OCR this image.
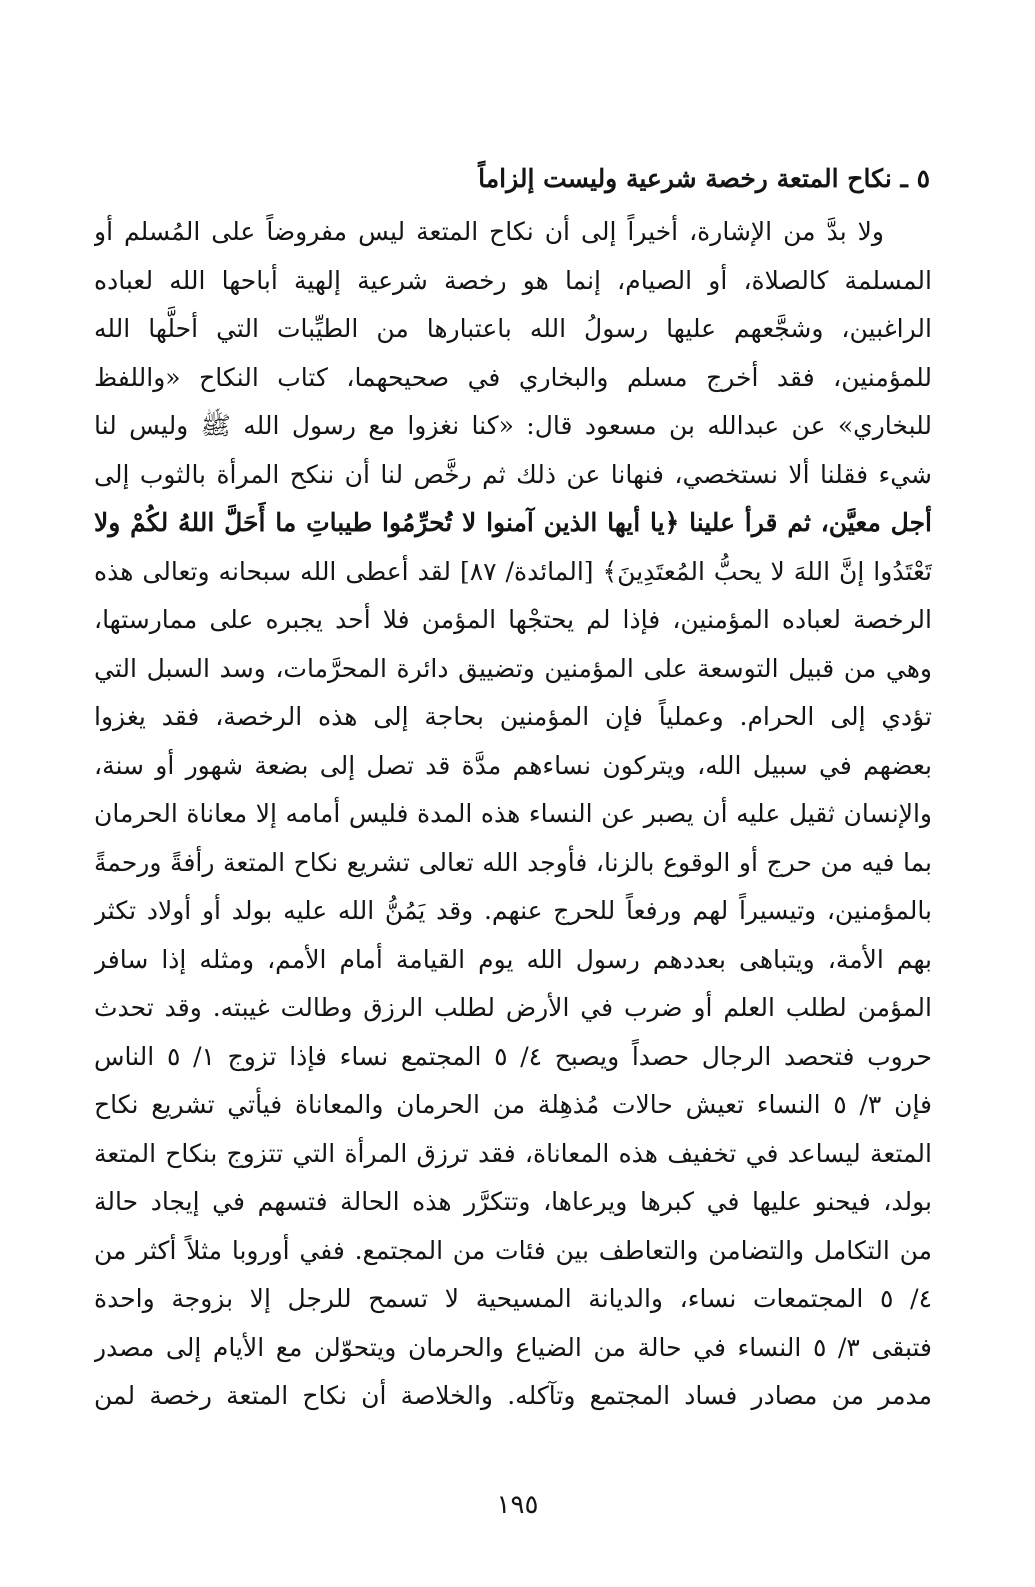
٥ ـ نكاح المتعة رخصة شرعية وليست إلزاماً
ولا بدَّ من الإشارة، أخيراً إلى أن نكاح المتعة ليس مفروضاً على المُسلم أو
المسلمة كالصلاة، أو الصيام، إنما هو رخصة شرعية إلهية أباحها الله لعباده
الراغبين، وشجَّعهم عليها رسولُ الله باعتبارها من الطيِّبات التي أحلَّها الله
للمؤمنين، فقد أخرج مسلم والبخاري في صحيحهما، كتاب النكاح «واللفظ
للبخاري» عن عبدالله بن مسعود قال: «كنا نغزوا مع رسول الله ﷺ وليس لنا
شيء فقلنا ألا نستخصي، فنهانا عن ذلك ثم رخَّص لنا أن ننكح المرأة بالثوب إلى
أجل معيَّن، ثم قرأ علينا ﴿يا أيها الذين آمنوا لا تُحرِّمُوا طيباتِ ما أَحَلَّ اللهُ لكُمْ ولا
تَعْتَدُوا إنَّ اللهَ لا يحبُّ المُعتَدِينَ﴾ [المائدة/ ٨٧] لقد أعطى الله سبحانه وتعالى هذه
الرخصة لعباده المؤمنين، فإذا لم يحتجْها المؤمن فلا أحد يجبره على ممارستها،
وهي من قبيل التوسعة على المؤمنين وتضييق دائرة المحرَّمات، وسد السبل التي
تؤدي إلى الحرام. وعملياً فإن المؤمنين بحاجة إلى هذه الرخصة، فقد يغزوا
بعضهم في سبيل الله، ويتركون نساءهم مدَّة قد تصل إلى بضعة شهور أو سنة،
والإنسان ثقيل عليه أن يصبر عن النساء هذه المدة فليس أمامه إلا معاناة الحرمان
بما فيه من حرج أو الوقوع بالزنا، فأوجد الله تعالى تشريع نكاح المتعة رأفةً ورحمةً
بالمؤمنين، وتيسيراً لهم ورفعاً للحرج عنهم. وقد يَمُنُّ الله عليه بولد أو أولاد تكثر
بهم الأمة، ويتباهى بعددهم رسول الله يوم القيامة أمام الأمم، ومثله إذا سافر
المؤمن لطلب العلم أو ضرب في الأرض لطلب الرزق وطالت غيبته. وقد تحدث
حروب فتحصد الرجال حصداً ويصبح ٤/ ٥ المجتمع نساء فإذا تزوج ١/ ٥ الناس
فإن ٣/ ٥ النساء تعيش حالات مُذهِلة من الحرمان والمعاناة فيأتي تشريع نكاح
المتعة ليساعد في تخفيف هذه المعاناة، فقد ترزق المرأة التي تتزوج بنكاح المتعة
بولد، فيحنو عليها في كبرها ويرعاها، وتتكرَّر هذه الحالة فتسهم في إيجاد حالة
من التكامل والتضامن والتعاطف بين فئات من المجتمع. ففي أوروبا مثلاً أكثر من
٤/ ٥ المجتمعات نساء، والديانة المسيحية لا تسمح للرجل إلا بزوجة واحدة
فتبقى ٣/ ٥ النساء في حالة من الضياع والحرمان ويتحوّلن مع الأيام إلى مصدر
مدمر من مصادر فساد المجتمع وتآكله. والخلاصة أن نكاح المتعة رخصة لمن
١٩٥
